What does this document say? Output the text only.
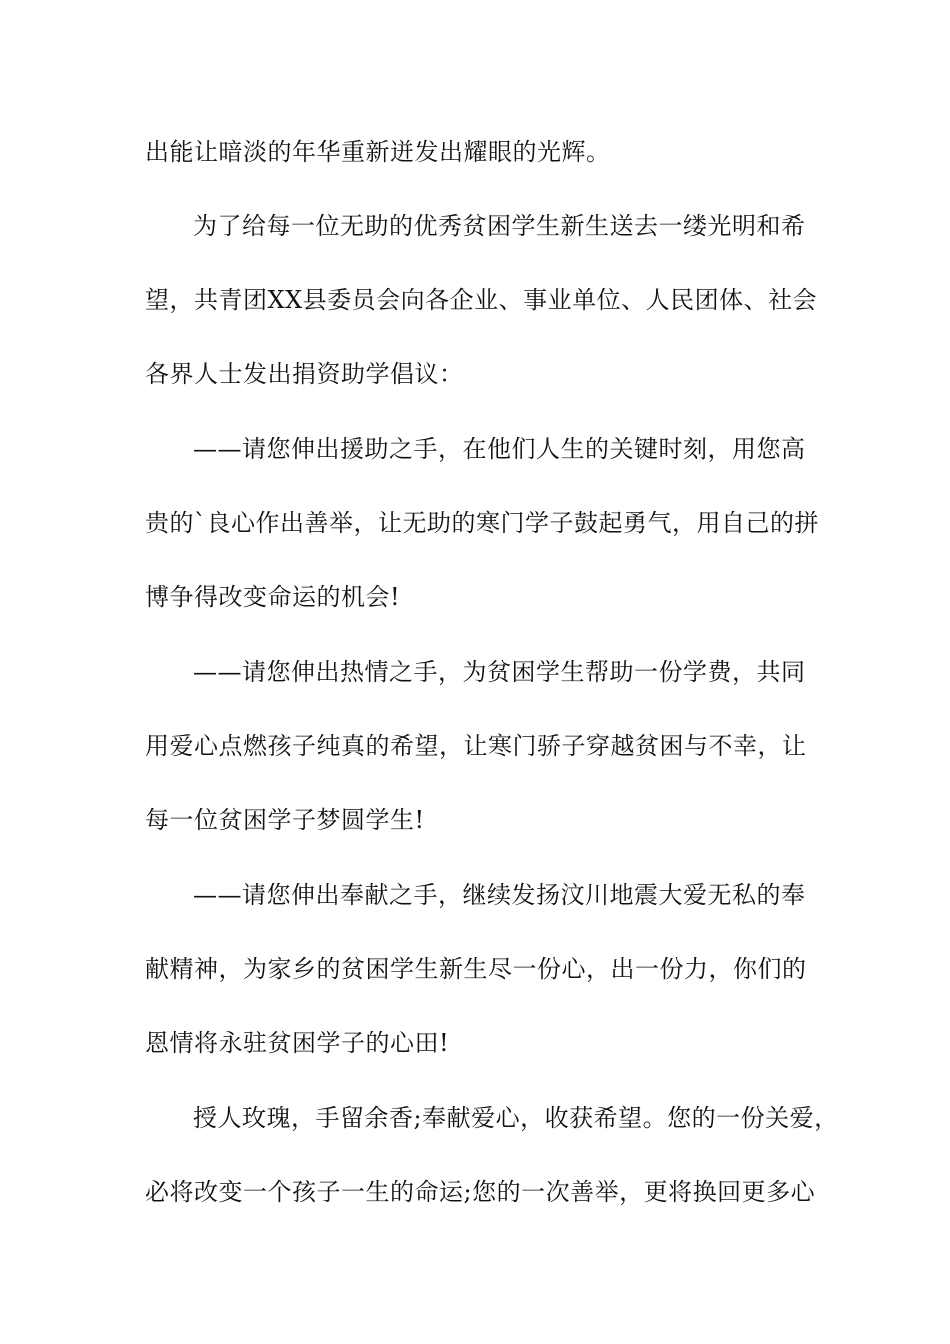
出能让暗淡的年华重新迸发出耀眼的光辉。
为了给每一位无助的优秀贫困学生新生送去一缕光明和希
望，共青团XX县委员会向各企业、事业单位、人民团体、社会
各界人士发出捐资助学倡议：
——请您伸出援助之手，在他们人生的关键时刻，用您高
贵的`良心作出善举，让无助的寒门学子鼓起勇气，用自己的拼
博争得改变命运的机会!
——请您伸出热情之手，为贫困学生帮助一份学费，共同
用爱心点燃孩子纯真的希望，让寒门骄子穿越贫困与不幸，让
每一位贫困学子梦圆学生!
——请您伸出奉献之手，继续发扬汶川地震大爱无私的奉
献精神，为家乡的贫困学生新生尽一份心，出一份力，你们的
恩情将永驻贫困学子的心田!
授人玫瑰，手留余香;奉献爱心，收获希望。您的一份关爱，
必将改变一个孩子一生的命运;您的一次善举，更将换回更多心
